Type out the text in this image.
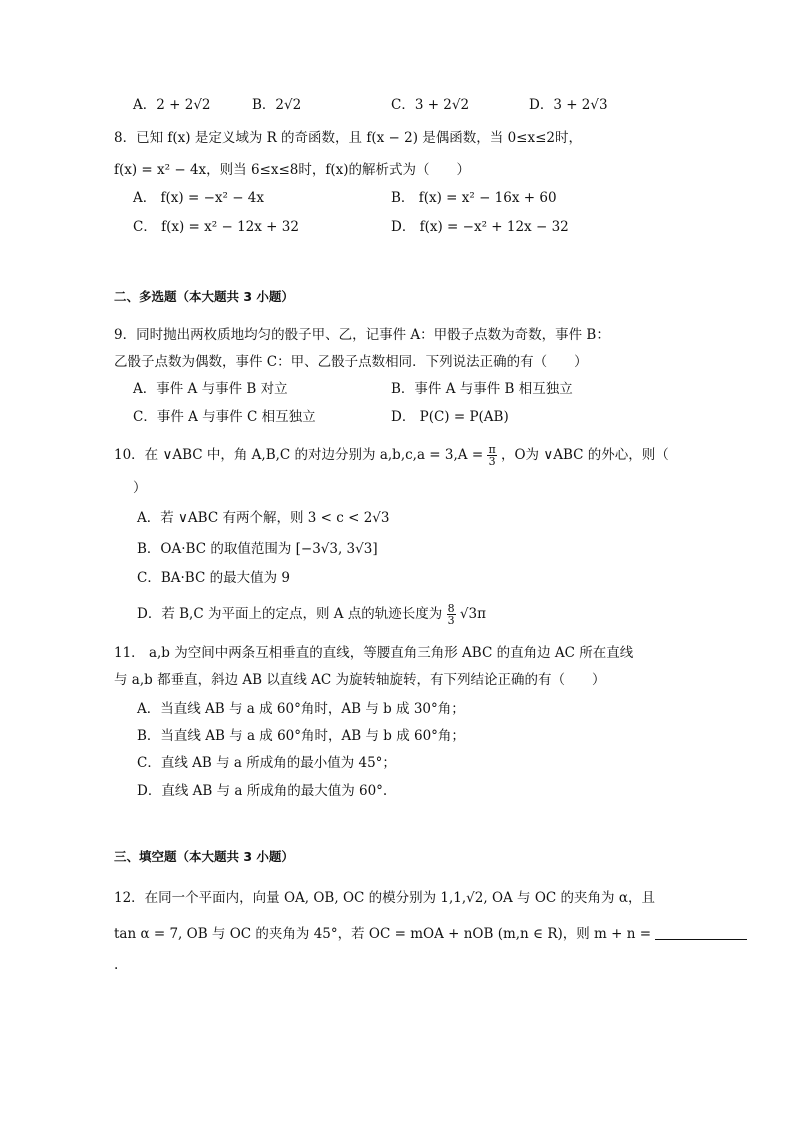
A．2 + 2√2	B．2√2	C．3 + 2√2	D．3 + 2√3
8．已知 f(x) 是定义域为 R 的奇函数，且 f(x − 2) 是偶函数，当 0≤x≤2时，
f(x) = x² − 4x，则当 6≤x≤8时，f(x)的解析式为（　　）
A． f(x) = −x² − 4x	B． f(x) = x² − 16x + 60
C． f(x) = x² − 12x + 32	D． f(x) = −x² + 12x − 32
二、多选题（本大题共 3 小题）
9．同时抛出两枚质地均匀的骰子甲、乙，记事件 A：甲骰子点数为奇数，事件 B：
乙骰子点数为偶数，事件 C：甲、乙骰子点数相同．下列说法正确的有（　　）
A．事件 A 与事件 B 对立	B．事件 A 与事件 B 相互独立
C．事件 A 与事件 C 相互独立	D． P(C) = P(AB)
10．在 ∨ABC 中，角 A,B,C 的对边分别为 $a,b,c,a = 3,A = \frac{\pi}{3}$ ，O为 ∨ABC 的外心，则（
）
A．若 ∨ABC 有两个解，则 3 < c < 2√3
B．OA·BC 的取值范围为 [−3√3, 3√3]
C．BA·BC 的最大值为 9
D．若 B,C 为平面上的定点，则 A 点的轨迹长度为 $\frac{8}{3} √3\pi$
11． a,b 为空间中两条互相垂直的直线，等腰直角三角形 ABC 的直角边 AC 所在直线
与 a,b 都垂直，斜边 AB 以直线 AC 为旋转轴旋转，有下列结论正确的有（　　）
A．当直线 AB 与 a 成 60°角时，AB 与 b 成 30°角；
B．当直线 AB 与 a 成 60°角时，AB 与 b 成 60°角；
C．直线 AB 与 a 所成角的最小值为 45°；
D．直线 AB 与 a 所成角的最大值为 60°.
三、填空题（本大题共 3 小题）
12．在同一个平面内，向量 OA, OB, OC 的模分别为 1,1,√2, OA 与 OC 的夹角为 α，且
tan α = 7, OB 与 OC 的夹角为 45°，若 OC = mOA + nOB (m,n ∈ R)，则 m + n =
.
